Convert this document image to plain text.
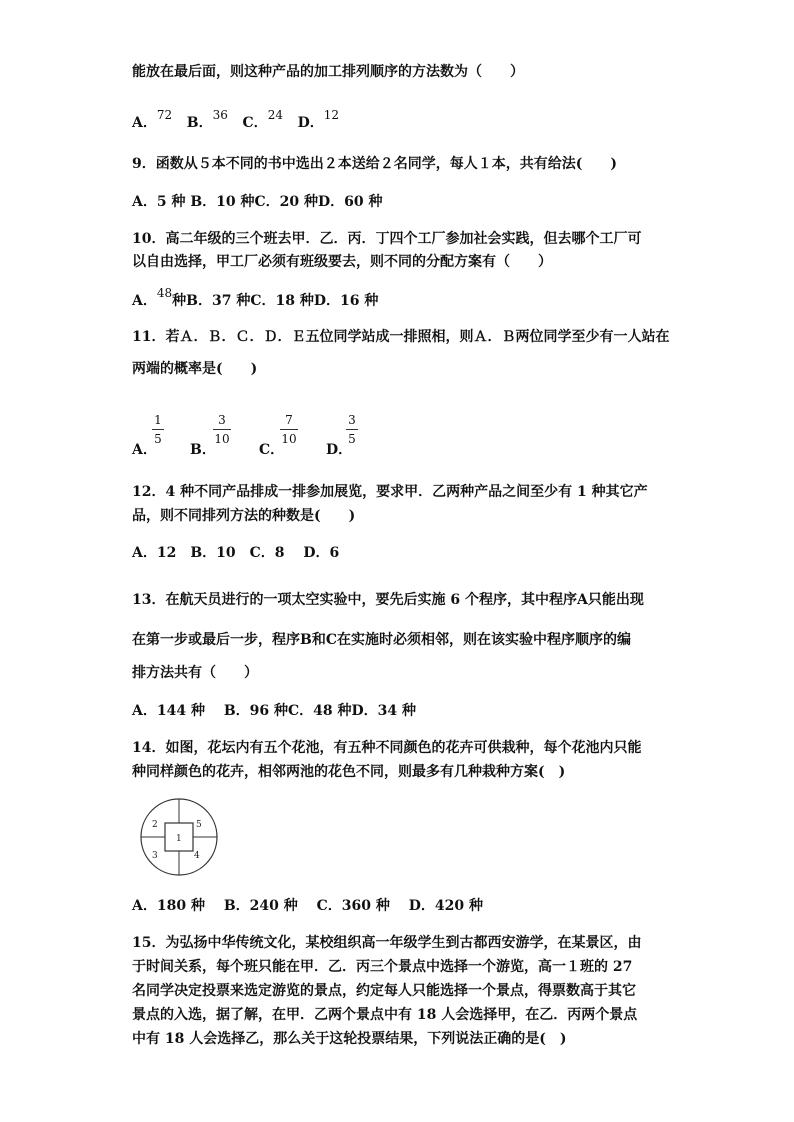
能放在最后面，则这种产品的加工排列顺序的方法数为（　　）
A．72 B．36 C．24 D．12
9．函数从５本不同的书中选出２本送给２名同学，每人１本，共有给法(　　)
A．5 种 B．10 种C．20 种D．60 种
10．高二年级的三个班去甲．乙．丙．丁四个工厂参加社会实践，但去哪个工厂可
以自由选择，甲工厂必须有班级要去，则不同的分配方案有（　　）
A．48种B．37 种C．18 种D．16 种
11．若Ａ．Ｂ．Ｃ．Ｄ．Ｅ五位同学站成一排照相，则Ａ．Ｂ两位同学至少有一人站在
两端的概率是(　　)
A．
1
5
B．
3
10
C．
7
10
D．
3
5
12．4 种不同产品排成一排参加展览，要求甲．乙两种产品之间至少有 1 种其它产
品，则不同排列方法的种数是(　　)
A．12　B．10　C．8　 D．6
13．在航天员进行的一项太空实验中，要先后实施 6 个程序，其中程序A只能出现
在第一步或最后一步，程序B和C在实施时必须相邻，则在该实验中程序顺序的编
排方法共有（　　）
A．144 种　 B．96 种C．48 种D．34 种
14．如图，花坛内有五个花池，有五种不同颜色的花卉可供栽种，每个花池内只能
种同样颜色的花卉，相邻两池的花色不同，则最多有几种栽种方案(　)
1
2
3	4
5
A．180 种　 B．240 种　 C．360 种　 D．420 种
15．为弘扬中华传统文化，某校组织高一年级学生到古都西安游学，在某景区，由
于时间关系，每个班只能在甲．乙．丙三个景点中选择一个游览，高一１班的 27
名同学决定投票来选定游览的景点，约定每人只能选择一个景点，得票数高于其它
景点的入选，据了解，在甲．乙两个景点中有 18 人会选择甲，在乙．丙两个景点
中有 18 人会选择乙，那么关于这轮投票结果，下列说法正确的是(　)
